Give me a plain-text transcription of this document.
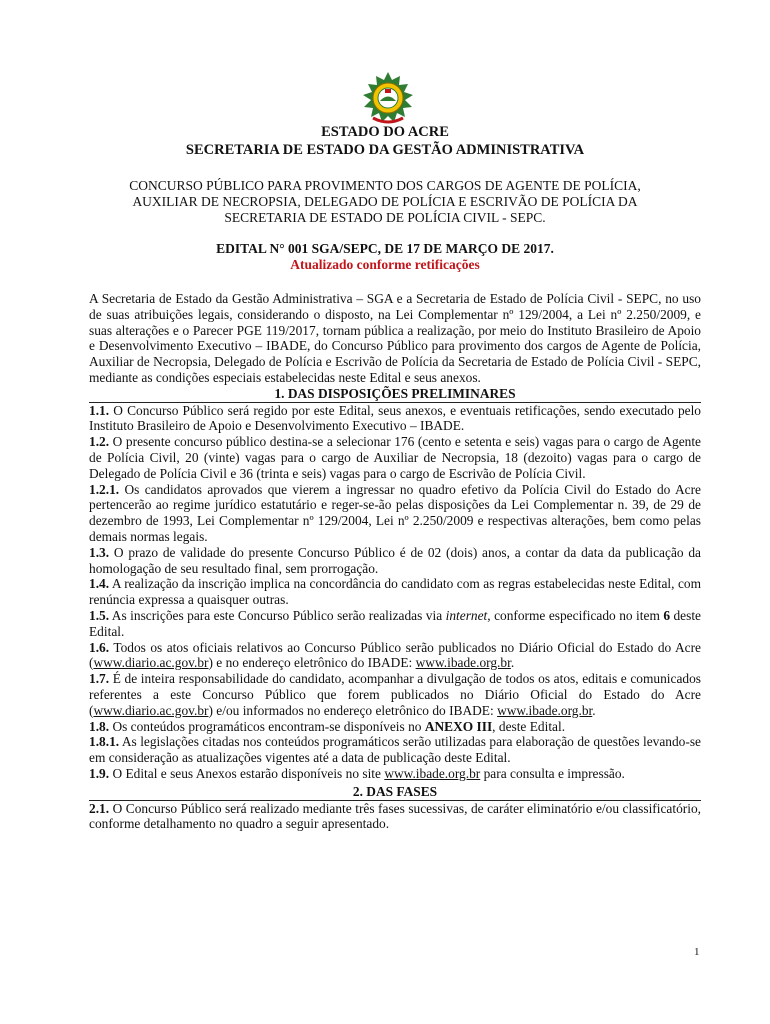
ESTADO DO ACRE
SECRETARIA DE ESTADO DA GESTÃO ADMINISTRATIVA
CONCURSO PÚBLICO PARA PROVIMENTO DOS CARGOS DE AGENTE DE POLÍCIA,
AUXILIAR DE NECROPSIA, DELEGADO DE POLÍCIA E ESCRIVÃO DE POLÍCIA DA
SECRETARIA DE ESTADO DE POLÍCIA CIVIL - SEPC.
EDITAL N° 001 SGA/SEPC, DE 17 DE MARÇO DE 2017.
Atualizado conforme retificações

A Secretaria de Estado da Gestão Administrativa – SGA e a Secretaria de Estado de Polícia Civil - SEPC, no uso de suas atribuições legais, considerando o disposto, na Lei Complementar nº 129/2004, a Lei nº 2.250/2009, e suas alterações e o Parecer PGE 119/2017, tornam pública a realização, por meio do Instituto Brasileiro de Apoio e Desenvolvimento Executivo – IBADE, do Concurso Público para provimento dos cargos de Agente de Polícia, Auxiliar de Necropsia, Delegado de Polícia e Escrivão de Polícia da Secretaria de Estado de Polícia Civil - SEPC, mediante as condições especiais estabelecidas neste Edital e seus anexos.

1. DAS DISPOSIÇÕES PRELIMINARES

1.1. O Concurso Público será regido por este Edital, seus anexos, e eventuais retificações, sendo executado pelo Instituto Brasileiro de Apoio e Desenvolvimento Executivo – IBADE.

1.2. O presente concurso público destina-se a selecionar 176 (cento e setenta e seis) vagas para o cargo de Agente de Polícia Civil, 20 (vinte) vagas para o cargo de Auxiliar de Necropsia, 18 (dezoito) vagas para o cargo de Delegado de Polícia Civil e 36 (trinta e seis) vagas para o cargo de Escrivão de Polícia Civil.

1.2.1. Os candidatos aprovados que vierem a ingressar no quadro efetivo da Polícia Civil do Estado do Acre pertencerão ao regime jurídico estatutário e reger-se-ão pelas disposições da Lei Complementar n. 39, de 29 de dezembro de 1993, Lei Complementar nº 129/2004, Lei nº 2.250/2009 e respectivas alterações, bem como pelas demais normas legais.

1.3. O prazo de validade do presente Concurso Público é de 02 (dois) anos, a contar da data da publicação da homologação de seu resultado final, sem prorrogação.

1.4. A realização da inscrição implica na concordância do candidato com as regras estabelecidas neste Edital, com renúncia expressa a quaisquer outras.

1.5. As inscrições para este Concurso Público serão realizadas via internet, conforme especificado no item 6 deste Edital.

1.6. Todos os atos oficiais relativos ao Concurso Público serão publicados no Diário Oficial do Estado do Acre (www.diario.ac.gov.br) e no endereço eletrônico do IBADE: www.ibade.org.br.

1.7. É de inteira responsabilidade do candidato, acompanhar a divulgação de todos os atos, editais e comunicados referentes a este Concurso Público que forem publicados no Diário Oficial do Estado do Acre (www.diario.ac.gov.br) e/ou informados no endereço eletrônico do IBADE: www.ibade.org.br.

1.8. Os conteúdos programáticos encontram-se disponíveis no ANEXO III, deste Edital.

1.8.1. As legislações citadas nos conteúdos programáticos serão utilizadas para elaboração de questões levando-se em consideração as atualizações vigentes até a data de publicação deste Edital.

1.9. O Edital e seus Anexos estarão disponíveis no site www.ibade.org.br para consulta e impressão.

2. DAS FASES

2.1. O Concurso Público será realizado mediante três fases sucessivas, de caráter eliminatório e/ou classificatório, conforme detalhamento no quadro a seguir apresentado.

1
